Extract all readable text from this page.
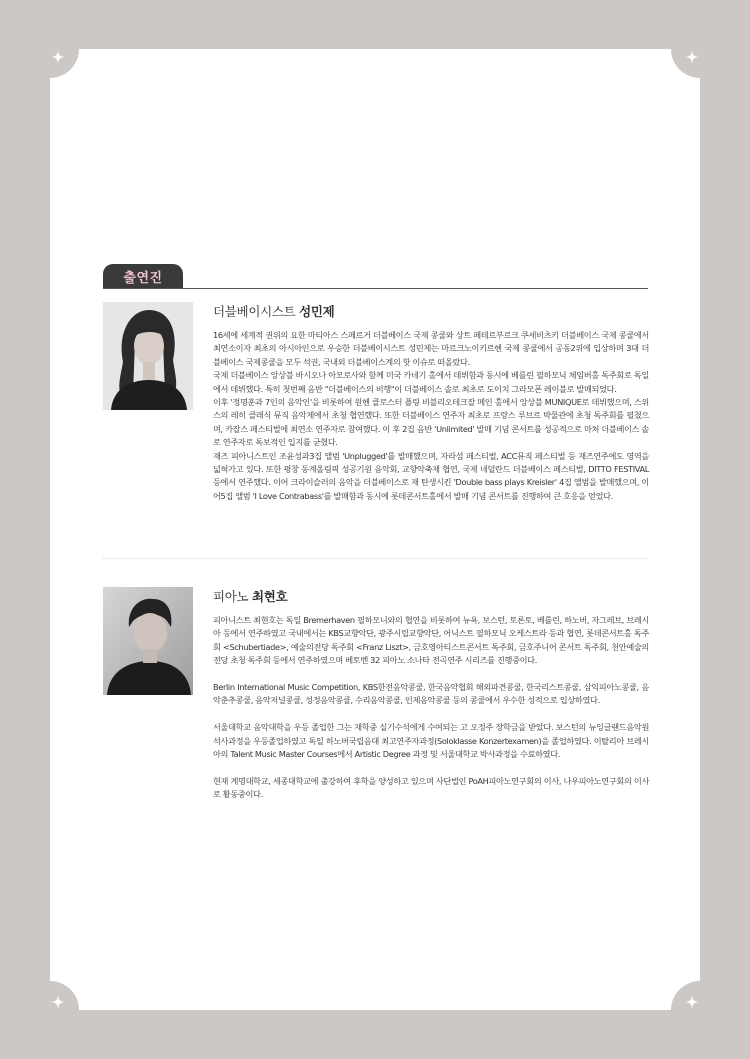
출연진
더블베이시스트 성민제

16세에 세계적 권위의 요한 마티아스 스페르거 더블베이스 국제 콩쿨와 상트 페테르부르크 쿠세비츠키 더블베이스 국제 콩쿨에서 최연소이자 최초의 아시아인으로 우승한 더블베이시스트 성민제는 마르크노이키르헨 국제 콩쿨에서 공동2위에 입상하며 3대 더블베이스 국제콩쿨을 모두 석권, 국내외 더블베이스계의 핫 이슈로 떠올랐다.

국제 더블베이스 앙상블 바시오나 아모로사와 함께 미국 카네기 홀에서 데뷔함과 동시에 베를린 필하모닉 체임버홀 독주회로 독일에서 데뷔했다. 특히 첫번째 음반 "더블베이스의 비행"이 더블베이스 솔로 최초로 도이치 그라모폰 레이블로 발매되었다.

이후 '정명훈과 7인의 음악인'을 비롯하여 원헨 클로스터 플링 비블리오테크잘 메인 홀에서 앙상블 MUNIQUE로 데뷔했으며, 스위스의 레히 클래식 뮤직 음악제에서 초청 협연했다. 또한 더블베이스 연주자 최초로 프랑스 루브르 박물관에 초청 독주회를 펼쳤으며, 카잘스 페스티벌에 최연소 연주자로 참여했다. 이 후 2집 음반 'Unlimited' 발매 기념 콘서트를 성공적으로 마쳐 더블베이스 솔로 연주자로 독보적인 입지를 굳혔다.

재즈 피아니스트인 조윤성과3집 앨범 'Unplugged'를 발매했으며, 자라섬 페스티벌, ACC뮤직 페스티벌 등 재즈연주에도 영역을 넓혀가고 있다. 또한 평창 동계올림픽 성공기원 음악회, 교향악축제 협연, 국제 네덜란드 더블베이스 페스티벌, DITTO FESTIVAL 등에서 연주했다. 이어 크라이슬러의 음악을 더블베이스로 재 탄생시킨 'Double bass plays Kreisler' 4집 앨범을 발매했으며, 이어5집 앨범 'I Love Contrabass'를 발매함과 동시에 롯데콘서트홀에서 발매 기념 콘서트를 진행하여 큰 호응을 얻었다.

피아노 최현호

피아니스트 최현호는 독일 Bremerhaven 필하모니와의 협연을 비롯하여 뉴욕, 보스턴, 토론토, 베를린, 하노버, 자그레브, 브레시아 등에서 연주하였고 국내에서는 KBS교향악단, 광주시립교향악단, 어닉스트 필하모닉 오케스트라 등과 협연, 롯데콘서트홀 독주회 <Schubertiade>, 예술의전당 독주회 <Franz Liszt>, 금호영아티스트콘서트 독주회, 금호주니어 콘서트 독주회, 천안예술의전당 초청 독주회 등에서 연주하였으며 베토벤 32 피아노 소나타 전곡연주 시리즈를 진행중이다.

Berlin International Music Competition, KBS한전음악콩쿨, 한국음악협회 해외파견콩쿨, 한국리스트콩쿨, 삼익피아노콩쿨, 음악춘추콩쿨, 음악저널콩쿨, 성정음악콩쿨, 수리음악콩쿨, 인제음악콩쿨 등의 콩쿨에서 우수한 성적으로 입상하였다.

서울대학교 음악대학을 우등 졸업한 그는 재학중 실기수석에게 수여되는 고 오정주 장학금을 받았다. 보스턴의 뉴잉글랜드음악원 석사과정을 우등졸업하였고 독일 하노버국립음대 최고연주자과정(Soloklasse Konzertexamen)을 졸업하였다. 이탈리아 브레시아의 Talent Music Master Courses에서 Artistic Degree 과정 및 서울대학교 박사과정을 수료하였다.

현재 계명대학교, 세종대학교에 출강하여 후학을 양성하고 있으며 사단법인 PoAH피아노연구회의 이사, 나우피아노연구회의 이사로 활동중이다.
